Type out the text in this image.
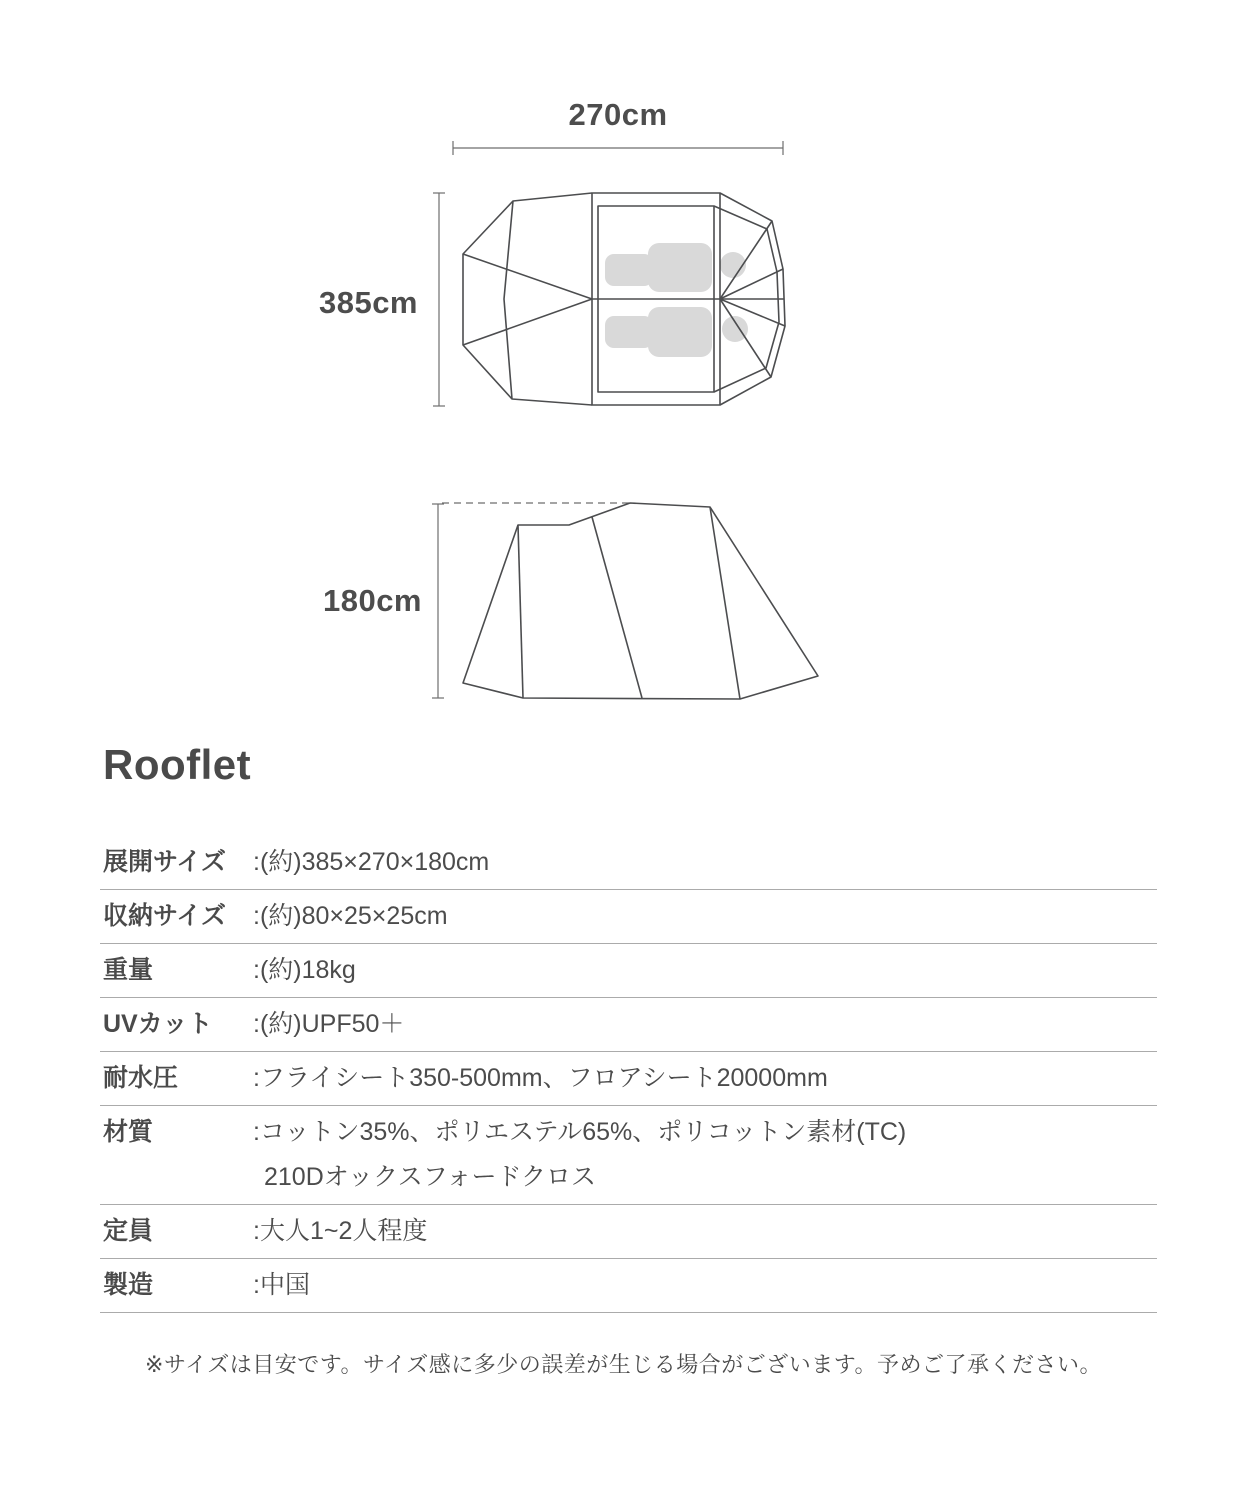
270cm
385cm
180cm
Rooflet
展開サイズ	:(約)385×270×180cm
収納サイズ	:(約)80×25×25cm
重量	:(約)18kg
UVカット	:(約)UPF50＋
耐水圧	:フライシート350-500mm、フロアシート20000mm
材質	:コットン35%、ポリエステル65%、ポリコットン素材(TC)
210Dオックスフォードクロス
定員	:大人1~2人程度
製造	:中国
※サイズは目安です。サイズ感に多少の誤差が生じる場合がございます。予めご了承ください。
